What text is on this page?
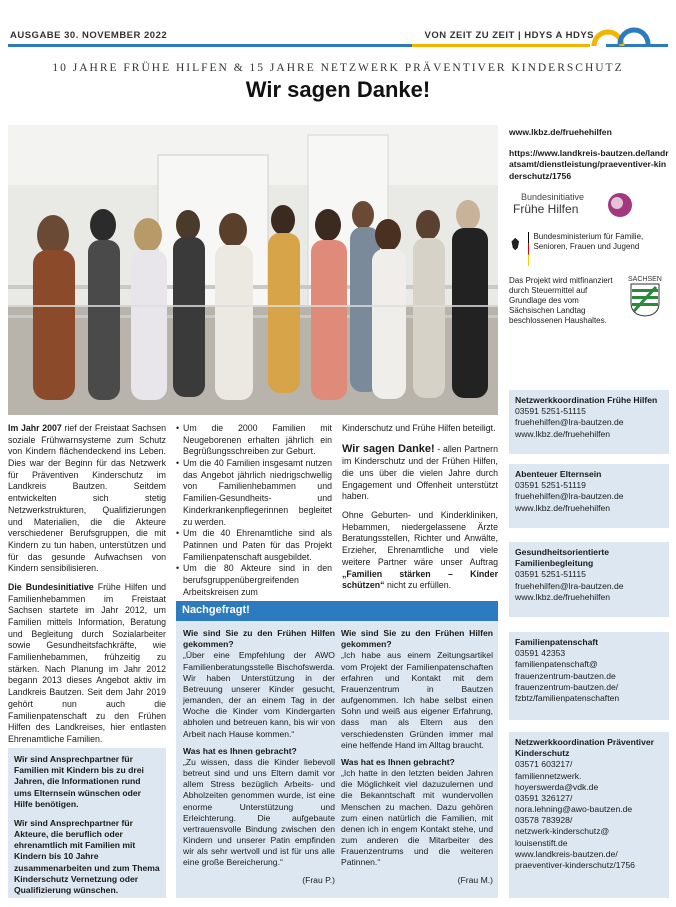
AUSGABE 30. NOVEMBER 2022	VON ZEIT ZU ZEIT | HDYS A HDYS
10 JAHRE FRÜHE HILFEN & 15 JAHRE NETZWERK PRÄVENTIVER KINDERSCHUTZ
Wir sagen Danke!

Im Jahr 2007 rief der Freistaat Sachsen soziale Frühwarnsysteme zum Schutz von Kindern flächendeckend ins Leben. Dies war der Beginn für das Netzwerk für Präventiven Kinderschutz im Landkreis Bautzen. Seitdem entwickelten sich stetig Netzwerkstrukturen, Qualifizierungen und Materialien, die die Akteure verschiedener Berufsgruppen, die mit Kindern zu tun haben, unterstützen und für das gesunde Aufwachsen von Kindern sensibilisieren.

Die Bundesinitiative Frühe Hilfen und Familienhebammen im Freistaat Sachsen startete im Jahr 2012, um Familien mittels Information, Beratung und Begleitung durch Sozialarbeiter sowie Gesundheitsfachkräfte, wie Familienhebammen, frühzeitig zu stärken. Nach Planung im Jahr 2012 begann 2013 dieses Angebot aktiv im Landkreis Bautzen. Seit dem Jahr 2019 gehört nun auch die Familienpatenschaft zu den Frühen Hilfen des Landkreises, hier entlasten Ehrenamtliche Familien.

Wir sind Ansprechpartner für Familien mit Kindern bis zu drei Jahren, die Informationen rund ums Elternsein wünschen oder Hilfe benötigen.

Wir sind Ansprechpartner für Akteure, die beruflich oder ehrenamtlich mit Familien mit Kindern bis 10 Jahre zusammenarbeiten und zum Thema Kinderschutz Vernetzung oder Qualifizierung wünschen.

• Um die 2000 Familien mit Neugeborenen erhalten jährlich ein Begrüßungsschreiben zur Geburt.
• Um die 40 Familien insgesamt nutzen das Angebot jährlich niedrigschwellig von Familienhebammen und Familien-Gesundheits- und Kinderkrankenpflegerinnen begleitet zu werden.
• Um die 40 Ehrenamtliche sind als Patinnen und Paten für das Projekt Familienpatenschaft ausgebildet.
• Um die 80 Akteure sind in den berufsgruppenübergreifenden Arbeitskreisen zum

Kinderschutz und Frühe Hilfen beteiligt.

Wir sagen Danke! - allen Partnern im Kinderschutz und der Frühen Hilfen, die uns über die vielen Jahre durch Engagement und Offenheit unterstützt haben.

Ohne Geburten- und Kinderkliniken, Hebammen, niedergelassene Ärzte Beratungsstellen, Richter und Anwälte, Erzieher, Ehrenamtliche und viele weitere Partner wäre unser Auftrag „Familien stärken – Kinder schützen“ nicht zu erfüllen.

Nachgefragt!
Wie sind Sie zu den Frühen Hilfen gekommen?
„Über eine Empfehlung der AWO Familienberatungsstelle Bischofswerda. Wir haben Unterstützung in der Betreuung unserer Kinder gesucht, jemanden, der an einem Tag in der Woche die Kinder vom Kindergarten abholen und betreuen kann, bis wir von Arbeit nach Hause kommen.“
Was hat es Ihnen gebracht?
„Zu wissen, dass die Kinder liebevoll betreut sind und uns Eltern damit vor allem Stress bezüglich Arbeits- und Abholzeiten genommen wurde, ist eine enorme Unterstützung und Erleichterung. Die aufgebaute vertrauensvolle Bindung zwischen den Kindern und unserer Patin empfinden wir als sehr wertvoll und ist für uns alle eine große Bereicherung.“
(Frau P.)
Wie sind Sie zu den Frühen Hilfen gekommen?
„Ich habe aus einem Zeitungsartikel vom Projekt der Familienpatenschaften erfahren und Kontakt mit dem Frauenzentrum in Bautzen aufgenommen. Ich habe selbst einen Sohn und weiß aus eigener Erfahrung, dass man als Eltern aus den verschiedensten Gründen immer mal eine helfende Hand im Alltag braucht.
Was hat es Ihnen gebracht?
„Ich hatte in den letzten beiden Jahren die Möglichkeit viel dazuzulernen und die Bekanntschaft mit wundervollen Menschen zu machen. Dazu gehören zum einen natürlich die Familien, mit denen ich in engem Kontakt stehe, und zum anderen die Mitarbeiter des Frauenzentrums und die weiteren Patinnen.“
(Frau M.)
www.lkbz.de/fruehehilfen
https://www.landkreis-bautzen.de/landratsamt/dienstleistung/praeventiver-kinderschutz/1756
Bundesinitiative
Frühe Hilfen
Bundesministerium für Familie, Senioren, Frauen und Jugend
Das Projekt wird mitfinanziert durch Steuermittel auf Grundlage des vom Sächsischen Landtag beschlossenen Haushaltes.
SACHSEN
Netzwerkkoordination Frühe Hilfen
03591 5251-51115
fruehehilfen@lra-bautzen.de
www.lkbz.de/fruehehilfen
Abenteuer Elternsein
03591 5251-51119
fruehehilfen@lra-bautzen.de
www.lkbz.de/fruehehilfen
Gesundheitsorientierte Familienbegleitung
03591 5251-51115
fruehehilfen@lra-bautzen.de
www.lkbz.de/fruehehilfen
Familienpatenschaft
03591 42353
familienpatenschaft@
frauenzentrum-bautzen.de
frauenzentrum-bautzen.de/
fzbtz/familienpatenschaften
Netzwerkkoordination Präventiver Kinderschutz
03571 603217/
familiennetzwerk.
hoyerswerda@vdk.de
03591 326127/
nora.lehning@awo-bautzen.de
03578 783928/
netzwerk-kinderschutz@
louisenstift.de
www.landkreis-bautzen.de/
praeventiver-kinderschutz/1756
